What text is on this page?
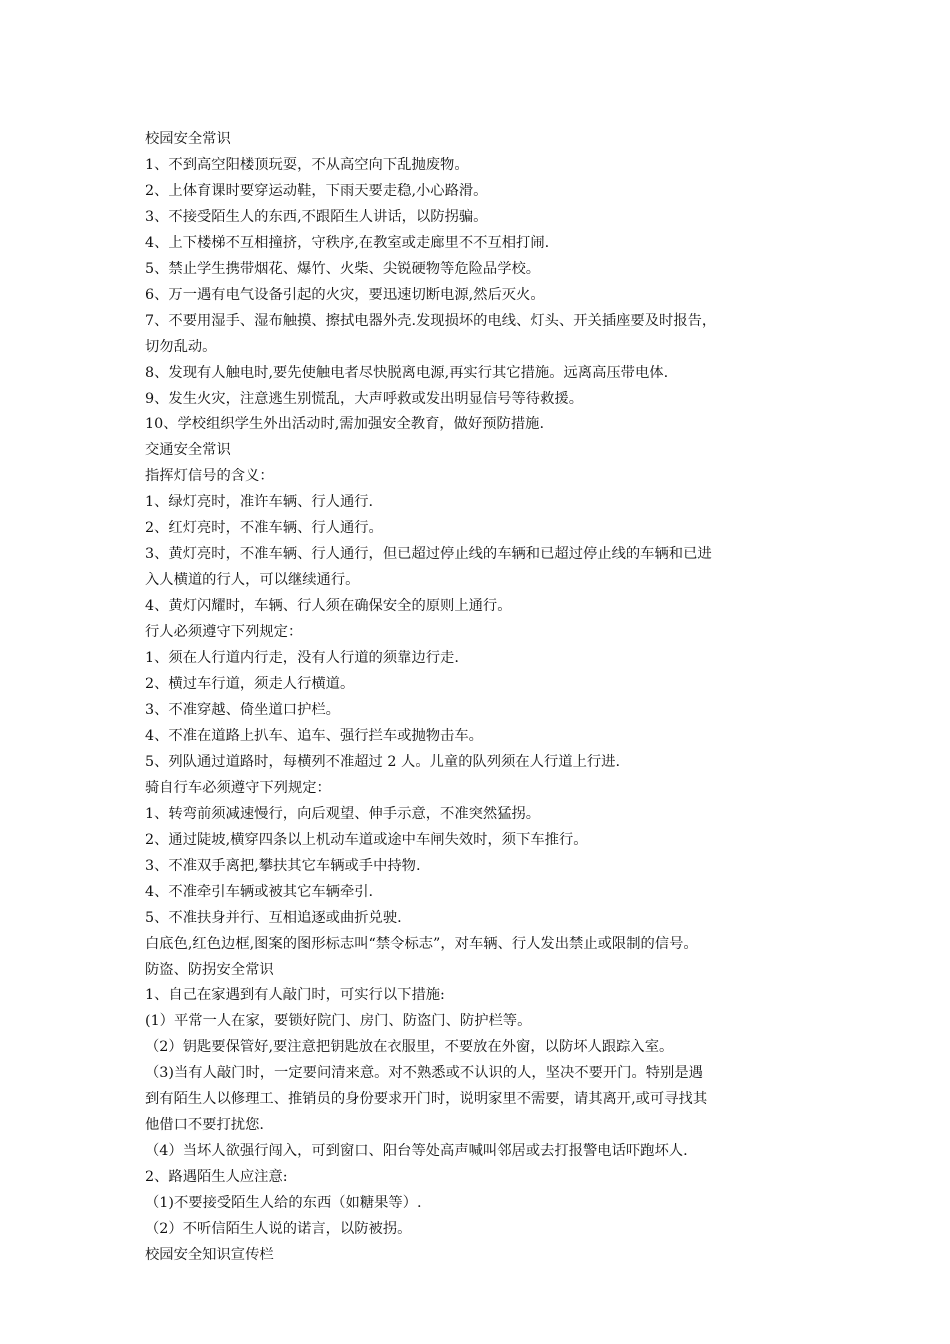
校园安全常识
1、不到高空阳楼顶玩耍，不从高空向下乱抛废物。
2、上体育课时要穿运动鞋，下雨天要走稳,小心路滑。
3、不接受陌生人的东西,不跟陌生人讲话，以防拐骗。
4、上下楼梯不互相撞挤，守秩序,在教室或走廊里不不互相打闹.
5、禁止学生携带烟花、爆竹、火柴、尖锐硬物等危险品学校。
6、万一遇有电气设备引起的火灾，要迅速切断电源,然后灭火。
7、不要用湿手、湿布触摸、擦拭电器外壳.发现损坏的电线、灯头、开关插座要及时报告，
切勿乱动。
8、发现有人触电时,要先使触电者尽快脱离电源,再实行其它措施。远离高压带电体.
9、发生火灾，注意逃生别慌乱，大声呼救或发出明显信号等待救援。
10、学校组织学生外出活动时,需加强安全教育，做好预防措施.
交通安全常识
指挥灯信号的含义：
1、绿灯亮时，准许车辆、行人通行.
2、红灯亮时，不准车辆、行人通行。
3、黄灯亮时，不准车辆、行人通行，但已超过停止线的车辆和已超过停止线的车辆和已进
入人横道的行人，可以继续通行。
4、黄灯闪耀时，车辆、行人须在确保安全的原则上通行。
行人必须遵守下列规定：
1、须在人行道内行走，没有人行道的须靠边行走.
2、横过车行道，须走人行横道。
3、不准穿越、倚坐道口护栏。
4、不准在道路上扒车、追车、强行拦车或抛物击车。
5、列队通过道路时，每横列不准超过 2 人。儿童的队列须在人行道上行进.
骑自行车必须遵守下列规定：
1、转弯前须减速慢行，向后观望、伸手示意，不准突然猛拐。
2、通过陡坡,横穿四条以上机动车道或途中车闸失效时，须下车推行。
3、不准双手离把,攀扶其它车辆或手中持物.
4、不准牵引车辆或被其它车辆牵引.
5、不准扶身并行、互相追逐或曲折兑驶.
白底色,红色边框,图案的图形标志叫“禁令标志”，对车辆、行人发出禁止或限制的信号。
防盗、防拐安全常识
1、自己在家遇到有人敲门时，可实行以下措施:
(1）平常一人在家，要锁好院门、房门、防盗门、防护栏等。
（2）钥匙要保管好,要注意把钥匙放在衣服里，不要放在外窗，以防坏人跟踪入室。
（3)当有人敲门时，一定要问清来意。对不熟悉或不认识的人，坚决不要开门。特别是遇
到有陌生人以修理工、推销员的身份要求开门时，说明家里不需要，请其离开,或可寻找其
他借口不要打扰您.
（4）当坏人欲强行闯入，可到窗口、阳台等处高声喊叫邻居或去打报警电话吓跑坏人.
2、路遇陌生人应注意:
（1)不要接受陌生人给的东西（如糖果等）.
（2）不听信陌生人说的诺言，以防被拐。
校园安全知识宣传栏
